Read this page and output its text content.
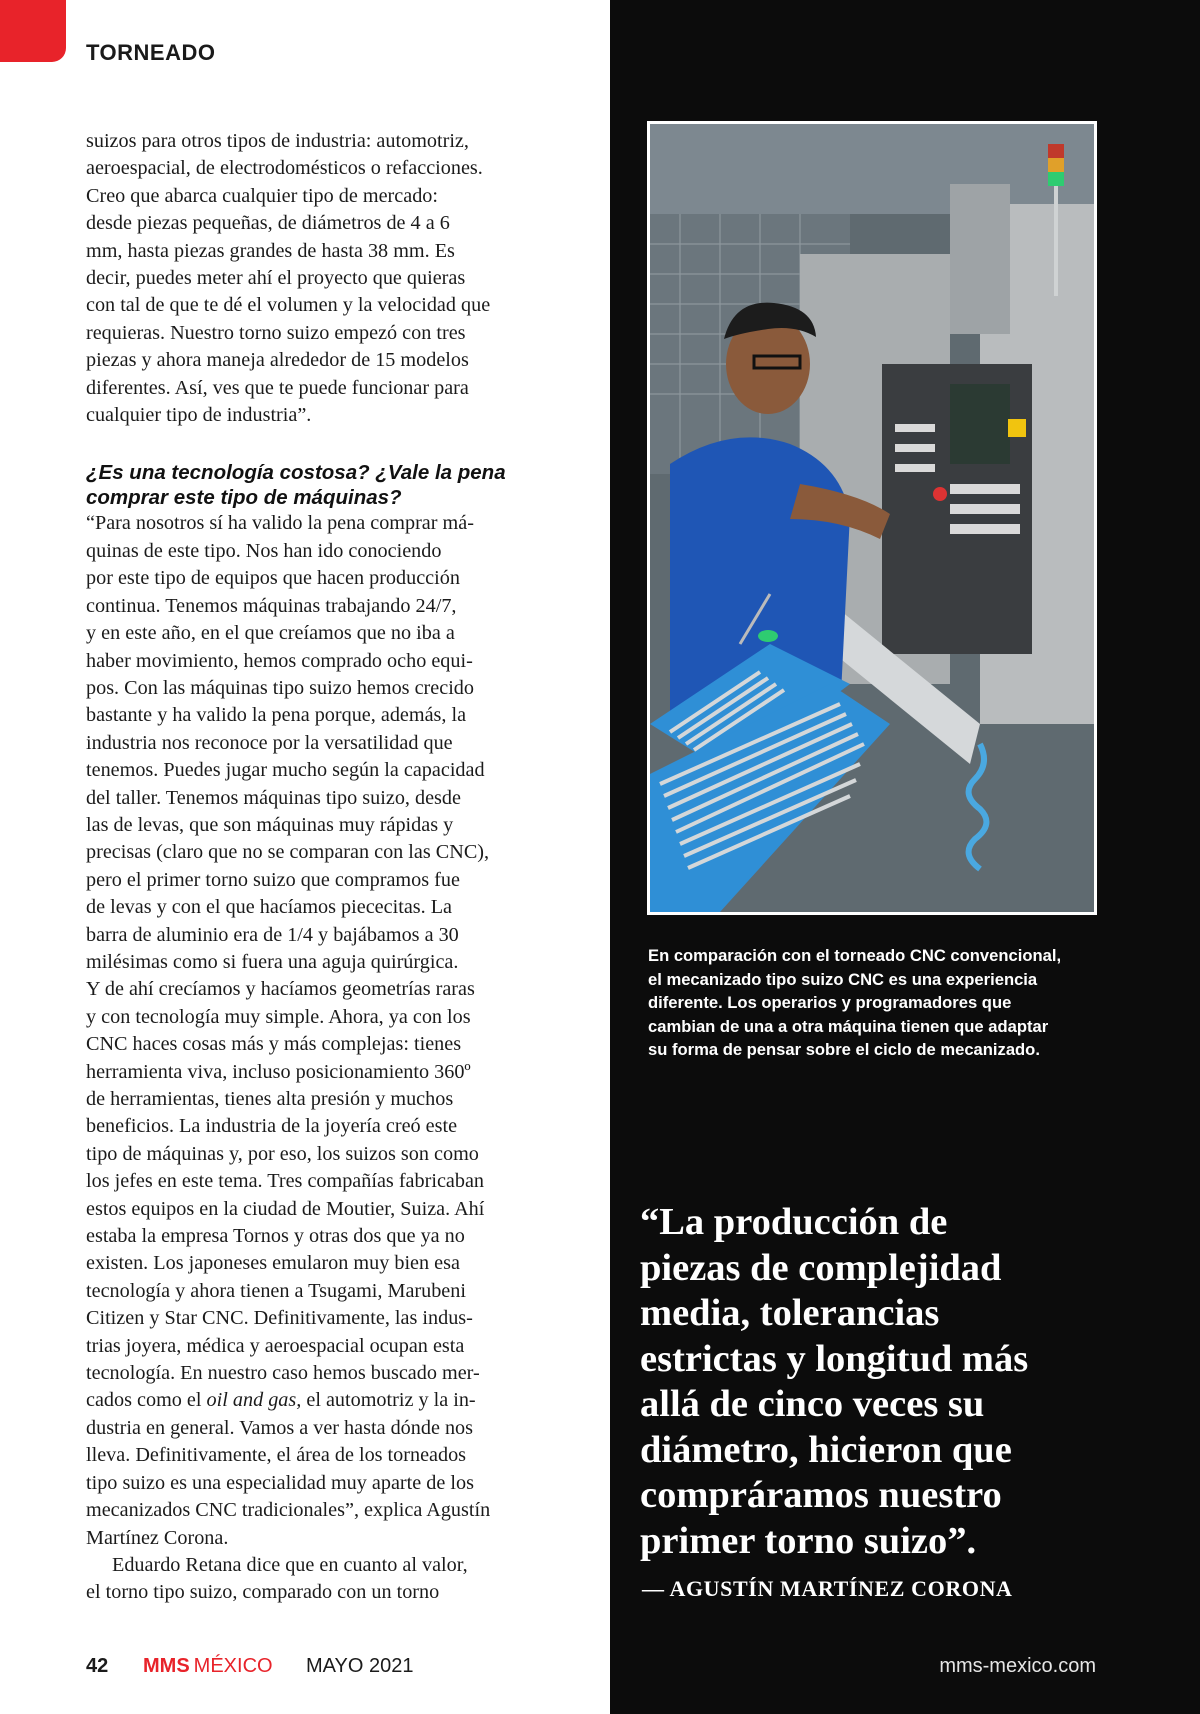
TORNEADO

suizos para otros tipos de industria: automotriz,
aeroespacial, de electrodomésticos o refacciones.
Creo que abarca cualquier tipo de mercado:
desde piezas pequeñas, de diámetros de 4 a 6
mm, hasta piezas grandes de hasta 38 mm. Es
decir, puedes meter ahí el proyecto que quieras
con tal de que te dé el volumen y la velocidad que
requieras. Nuestro torno suizo empezó con tres
piezas y ahora maneja alrededor de 15 modelos
diferentes. Así, ves que te puede funcionar para
cualquier tipo de industria”.

¿Es una tecnología costosa? ¿Vale la pena
comprar este tipo de máquinas?

“Para nosotros sí ha valido la pena comprar má-
quinas de este tipo. Nos han ido conociendo
por este tipo de equipos que hacen producción
continua. Tenemos máquinas trabajando 24/7,
y en este año, en el que creíamos que no iba a
haber movimiento, hemos comprado ocho equi-
pos. Con las máquinas tipo suizo hemos crecido
bastante y ha valido la pena porque, además, la
industria nos reconoce por la versatilidad que
tenemos. Puedes jugar mucho según la capacidad
del taller. Tenemos máquinas tipo suizo, desde
las de levas, que son máquinas muy rápidas y
precisas (claro que no se comparan con las CNC),
pero el primer torno suizo que compramos fue
de levas y con el que hacíamos piececitas. La
barra de aluminio era de 1/4 y bajábamos a 30
milésimas como si fuera una aguja quirúrgica.
Y de ahí crecíamos y hacíamos geometrías raras
y con tecnología muy simple. Ahora, ya con los
CNC haces cosas más y más complejas: tienes
herramienta viva, incluso posicionamiento 360º
de herramientas, tienes alta presión y muchos
beneficios. La industria de la joyería creó este
tipo de máquinas y, por eso, los suizos son como
los jefes en este tema. Tres compañías fabricaban
estos equipos en la ciudad de Moutier, Suiza. Ahí
estaba la empresa Tornos y otras dos que ya no
existen. Los japoneses emularon muy bien esa
tecnología y ahora tienen a Tsugami, Marubeni
Citizen y Star CNC. Definitivamente, las indus-
trias joyera, médica y aeroespacial ocupan esta
tecnología. En nuestro caso hemos buscado mer-
cados como el oil and gas, el automotriz y la in-
dustria en general. Vamos a ver hasta dónde nos
lleva. Definitivamente, el área de los torneados
tipo suizo es una especialidad muy aparte de los
mecanizados CNC tradicionales”, explica Agustín
Martínez Corona.

Eduardo Retana dice que en cuanto al valor,
el torno tipo suizo, comparado con un torno

En comparación con el torneado CNC convencional,
el mecanizado tipo suizo CNC es una experiencia
diferente. Los operarios y programadores que
cambian de una a otra máquina tienen que adaptar
su forma de pensar sobre el ciclo de mecanizado.

“La producción de
piezas de complejidad
media, tolerancias
estrictas y longitud más
allá de cinco veces su
diámetro, hicieron que
compráramos nuestro
primer torno suizo”.

— AGUSTÍN MARTÍNEZ CORONA
42 MMS MÉXICO MAYO 2021	mms-mexico.com
